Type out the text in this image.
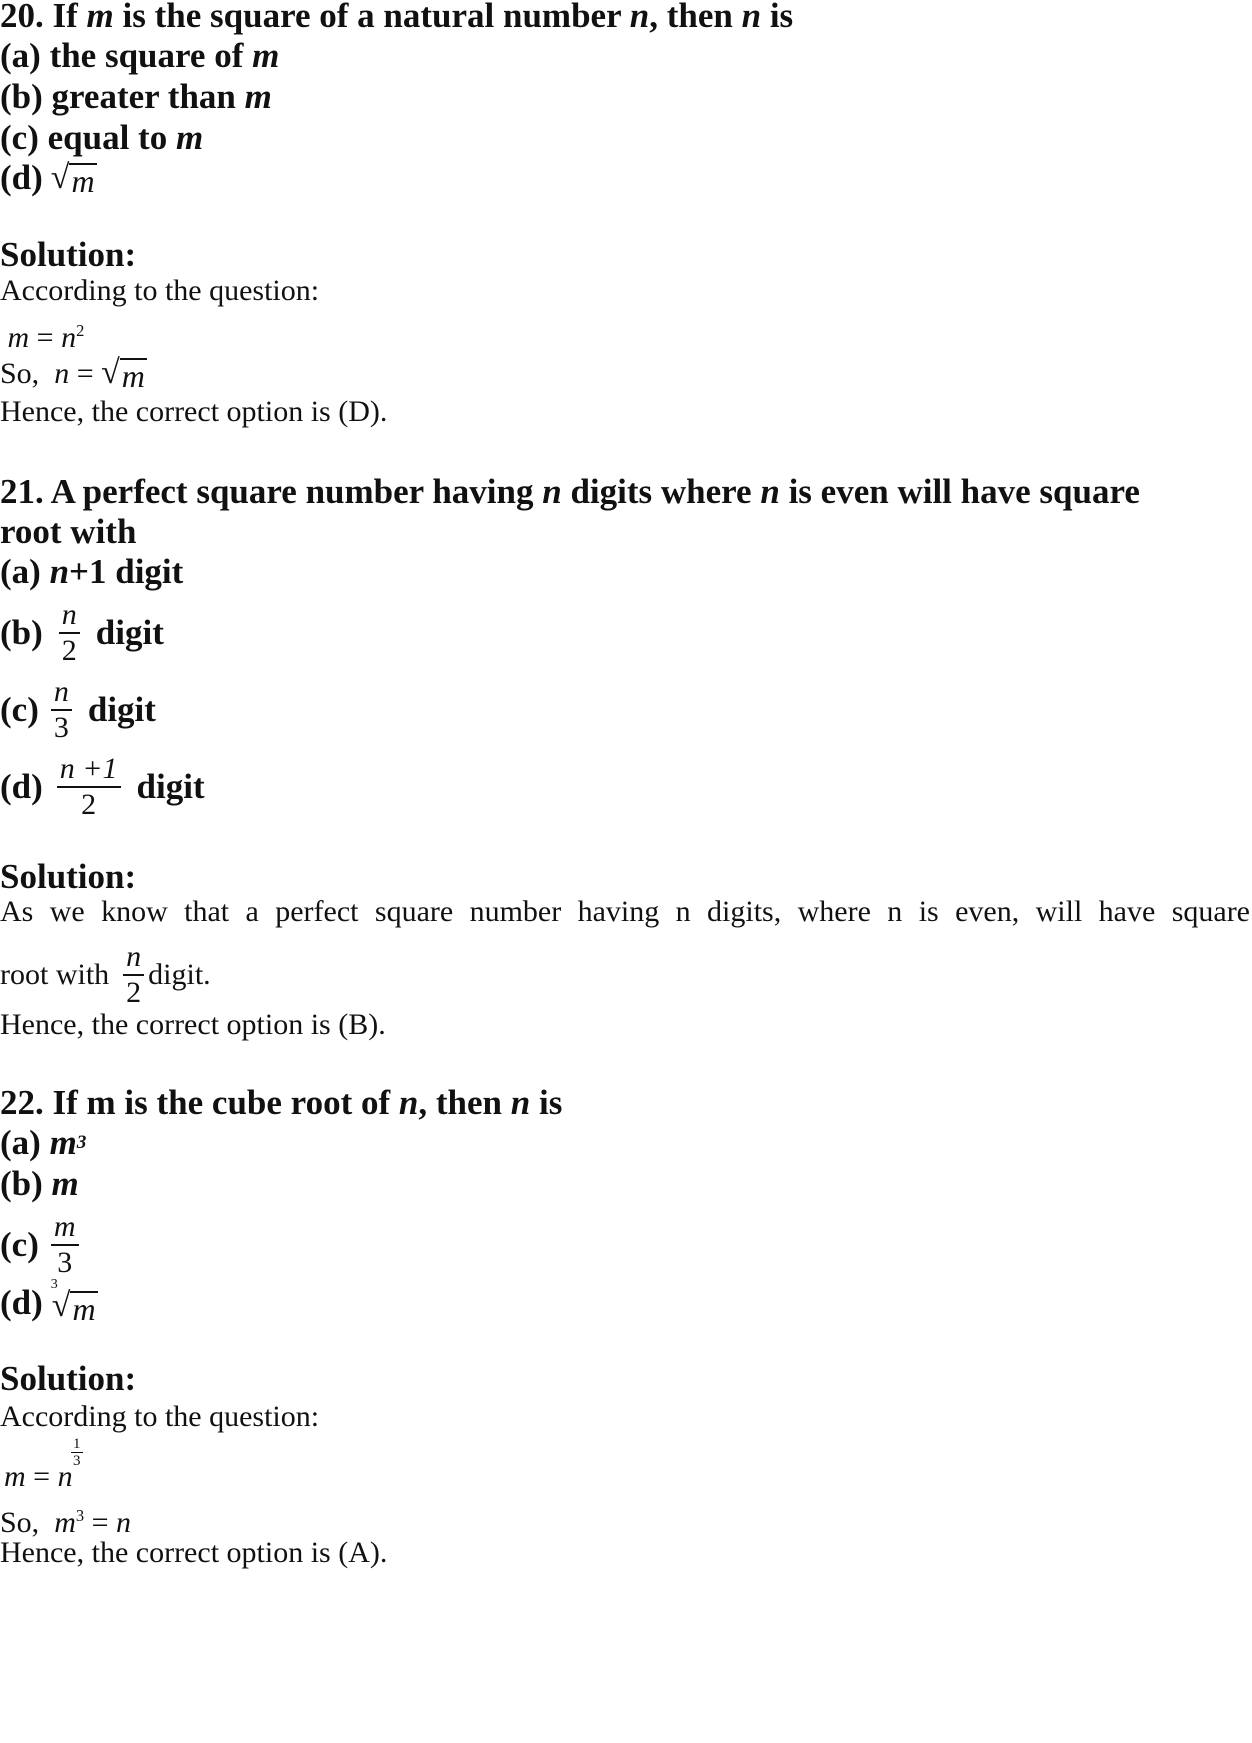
20. If m is the square of a natural number n, then n is
(a)
the square of m
(b)
greater than m
(c)
equal to m
(d) √ m
Solution:
According to the question:
$m = n^2$
So,  n = √ m
Hence, the correct option is (D).
21. A perfect square number having n digits where n is even will have square
root with
(a)
n +1 digit
$(b) \frac{n}{2}$ digit
$(c) \frac{n}{3}$ digit
$(d) \frac{n +1}{2}$ digit
Solution:
As we know that a perfect square number having n digits, where n is even, will have square
root with $\frac{n}{2}$ digit.
Hence, the correct option is (B).
22. If m is the cube root of n, then n is
(a)
m 3
(b)
m
$(c) \frac{m}{3}$
(d) 3
√ m
Solution:
According to the question:
m = n
$\frac{1}{3}$
So,  $m^3 = n$
Hence, the correct option is (A).
